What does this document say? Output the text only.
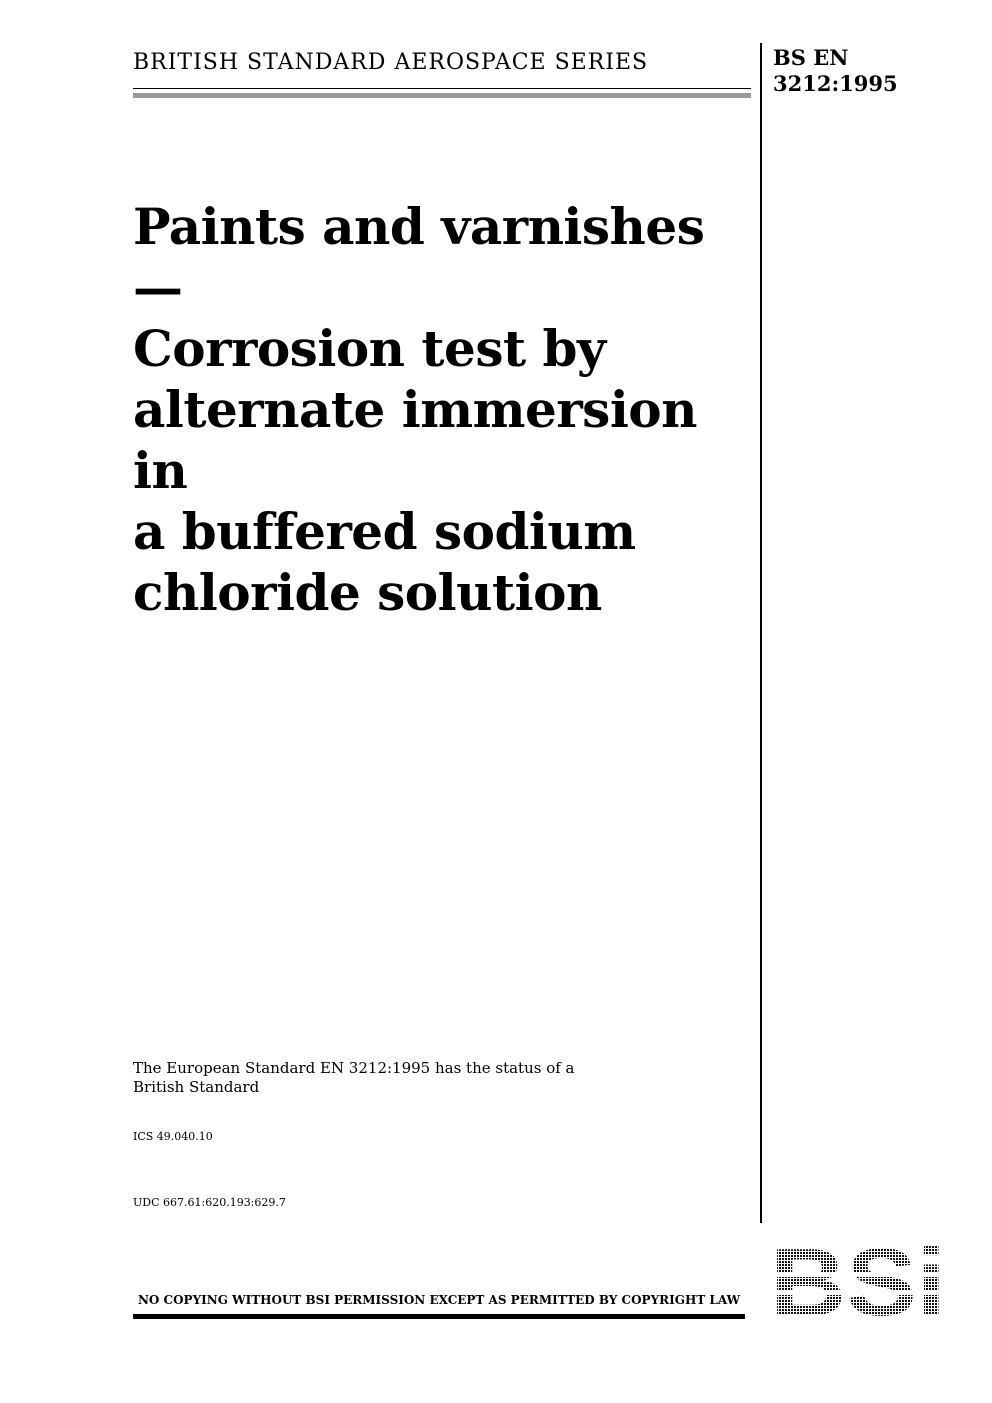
BRITISH STANDARD AEROSPACE SERIES	BS EN
3212:1995
Paints and varnishes —
Corrosion test by
alternate immersion in
a buffered sodium
chloride solution
The European Standard EN 3212:1995 has the status of a
British Standard
ICS 49.040.10
UDC 667.61:620.193:629.7
NO COPYING WITHOUT BSI PERMISSION EXCEPT AS PERMITTED BY COPYRIGHT LAW
